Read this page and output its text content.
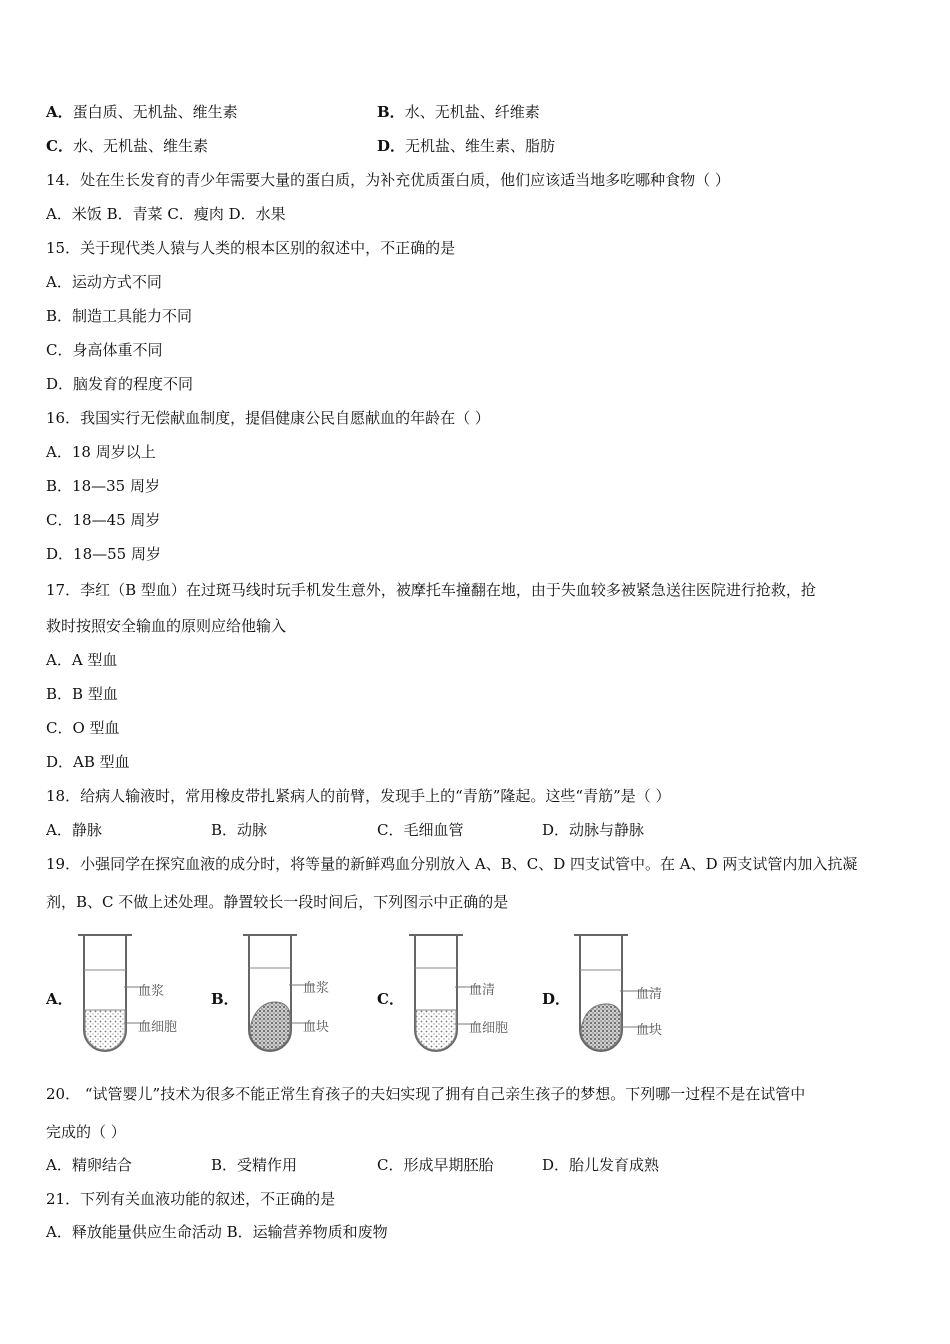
A．蛋白质、无机盐、维生素	B．水、无机盐、纤维素
C．水、无机盐、维生素	D．无机盐、维生素、脂肪
14．处在生长发育的青少年需要大量的蛋白质，为补充优质蛋白质，他们应该适当地多吃哪种食物（ ）
A．米饭 B．青菜 C．瘦肉 D．水果
15．关于现代类人猿与人类的根本区别的叙述中，不正确的是
A．运动方式不同
B．制造工具能力不同
C．身高体重不同
D．脑发育的程度不同
16．我国实行无偿献血制度，提倡健康公民自愿献血的年龄在（ ）
A．18 周岁以上
B．18—35 周岁
C．18—45 周岁
D．18—55 周岁
17．李红（B 型血）在过斑马线时玩手机发生意外，被摩托车撞翻在地，由于失血较多被紧急送往医院进行抢救，抢
救时按照安全输血的原则应给他输入
A．A 型血
B．B 型血
C．O 型血
D．AB 型血
18．给病人输液时，常用橡皮带扎紧病人的前臂，发现手上的“青筋”隆起。这些“青筋”是（ ）
A．静脉	B．动脉	C．毛细血管	D．动脉与静脉
19．小强同学在探究血液的成分时，将等量的新鲜鸡血分别放入 A、B、C、D 四支试管中。在 A、D 两支试管内加入抗凝
剂，B、C 不做上述处理。静置较长一段时间后，下列图示中正确的是
A．	血浆
血细胞
B．
血浆
血块
C．	血清
血细胞
D．	血清
血块
20． “试管婴儿”技术为很多不能正常生育孩子的夫妇实现了拥有自己亲生孩子的梦想。下列哪一过程不是在试管中
完成的（ ）
A．精卵结合	B．受精作用	C．形成早期胚胎	D．胎儿发育成熟
21．下列有关血液功能的叙述，不正确的是
A．释放能量供应生命活动 B．运输营养物质和废物
